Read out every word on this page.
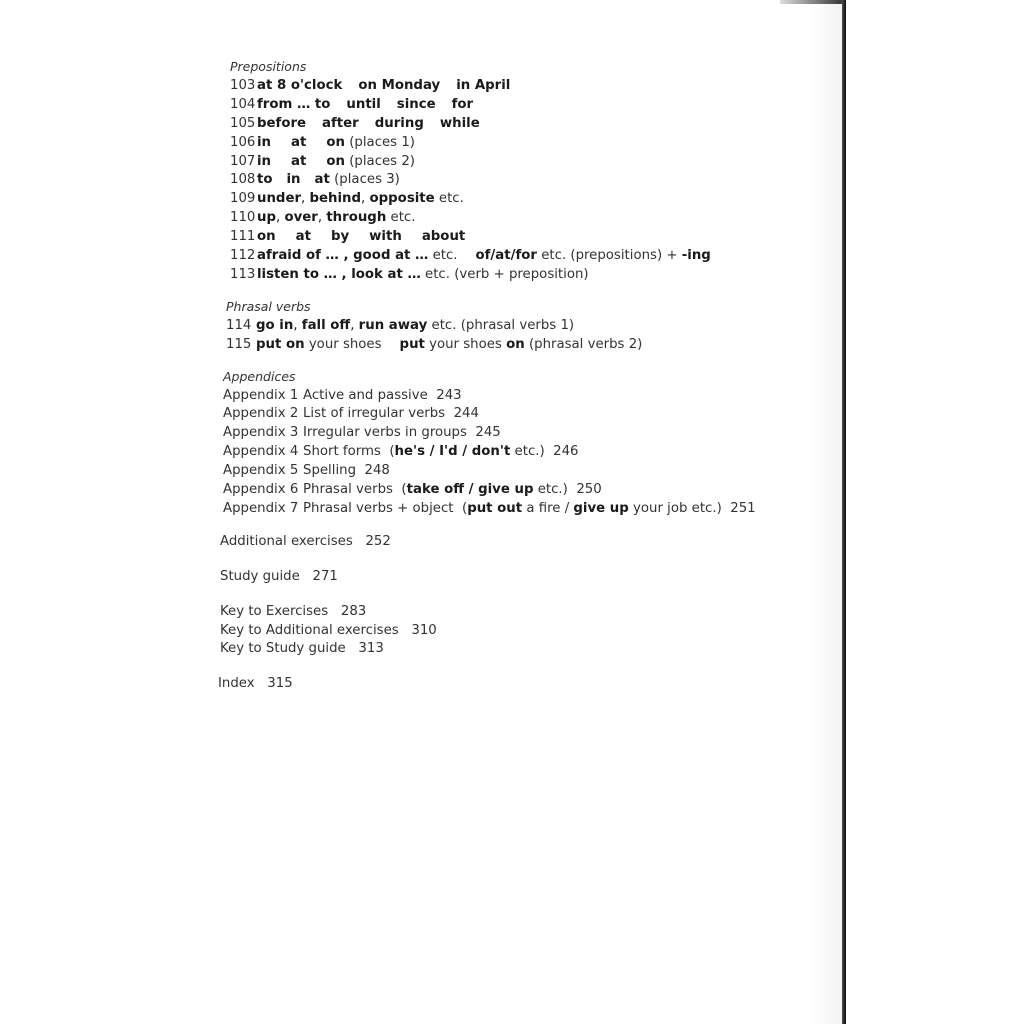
Prepositions
103 at 8 o'clock on Monday in April
104 from … to until since for
105 before after during while
106 in at on (places 1)
107 in at on (places 2)
108 to in at (places 3)
109 under, behind, opposite etc.
110 up, over, through etc.
111 on at by with about
112 afraid of … , good at … etc. of/at/for etc. (prepositions) + -ing
113 listen to … , look at … etc. (verb + preposition)
Phrasal verbs
114 go in, fall off, run away etc. (phrasal verbs 1)
115 put on your shoes put your shoes on (phrasal verbs 2)
Appendices
Appendix 1 Active and passive 243
Appendix 2 List of irregular verbs 244
Appendix 3 Irregular verbs in groups 245
Appendix 4 Short forms (he's / I'd / don't etc.) 246
Appendix 5 Spelling 248
Appendix 6 Phrasal verbs (take off / give up etc.) 250
Appendix 7 Phrasal verbs + object (put out a fire / give up your job etc.) 251
Additional exercises 252
Study guide 271
Key to Exercises 283
Key to Additional exercises 310
Key to Study guide 313
Index 315
